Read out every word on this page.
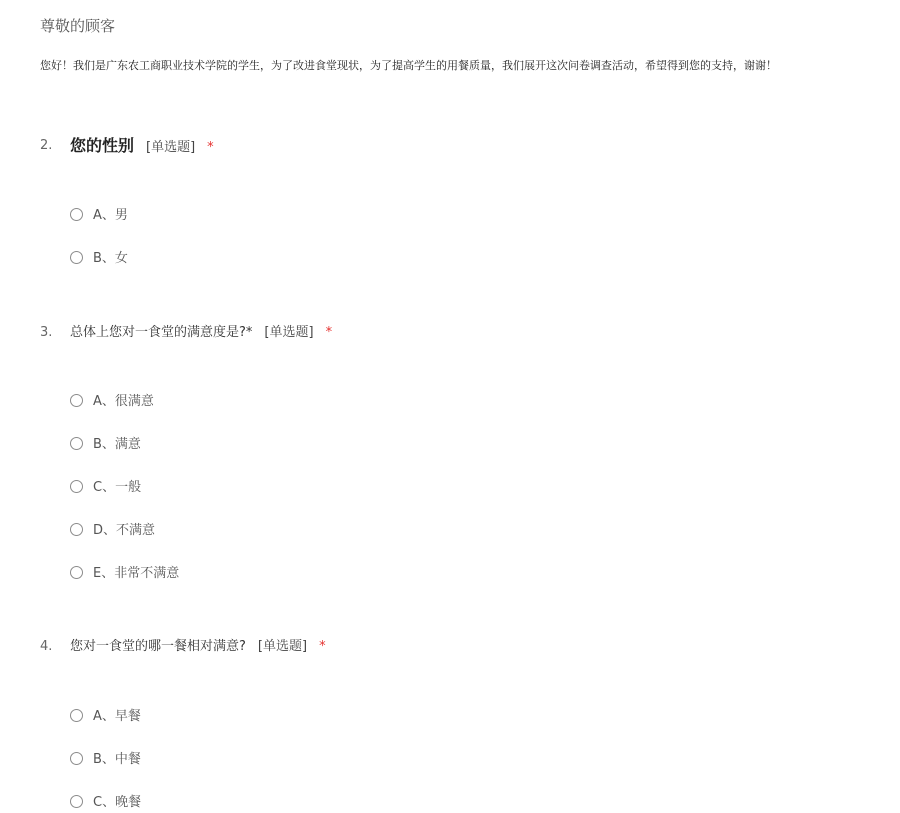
尊敬的顾客
您好！我们是广东农工商职业技术学院的学生，为了改进食堂现状，为了提高学生的用餐质量，我们展开这次问卷调查活动，希望得到您的支持，谢谢！
2. 您的性别 [单选题] *
A、男
B、女
3. 总体上您对一食堂的满意度是?* [单选题] *
A、很满意
B、满意
C、一般
D、不满意
E、非常不满意
4. 您对一食堂的哪一餐相对满意? [单选题] *
A、早餐
B、中餐
C、晚餐
